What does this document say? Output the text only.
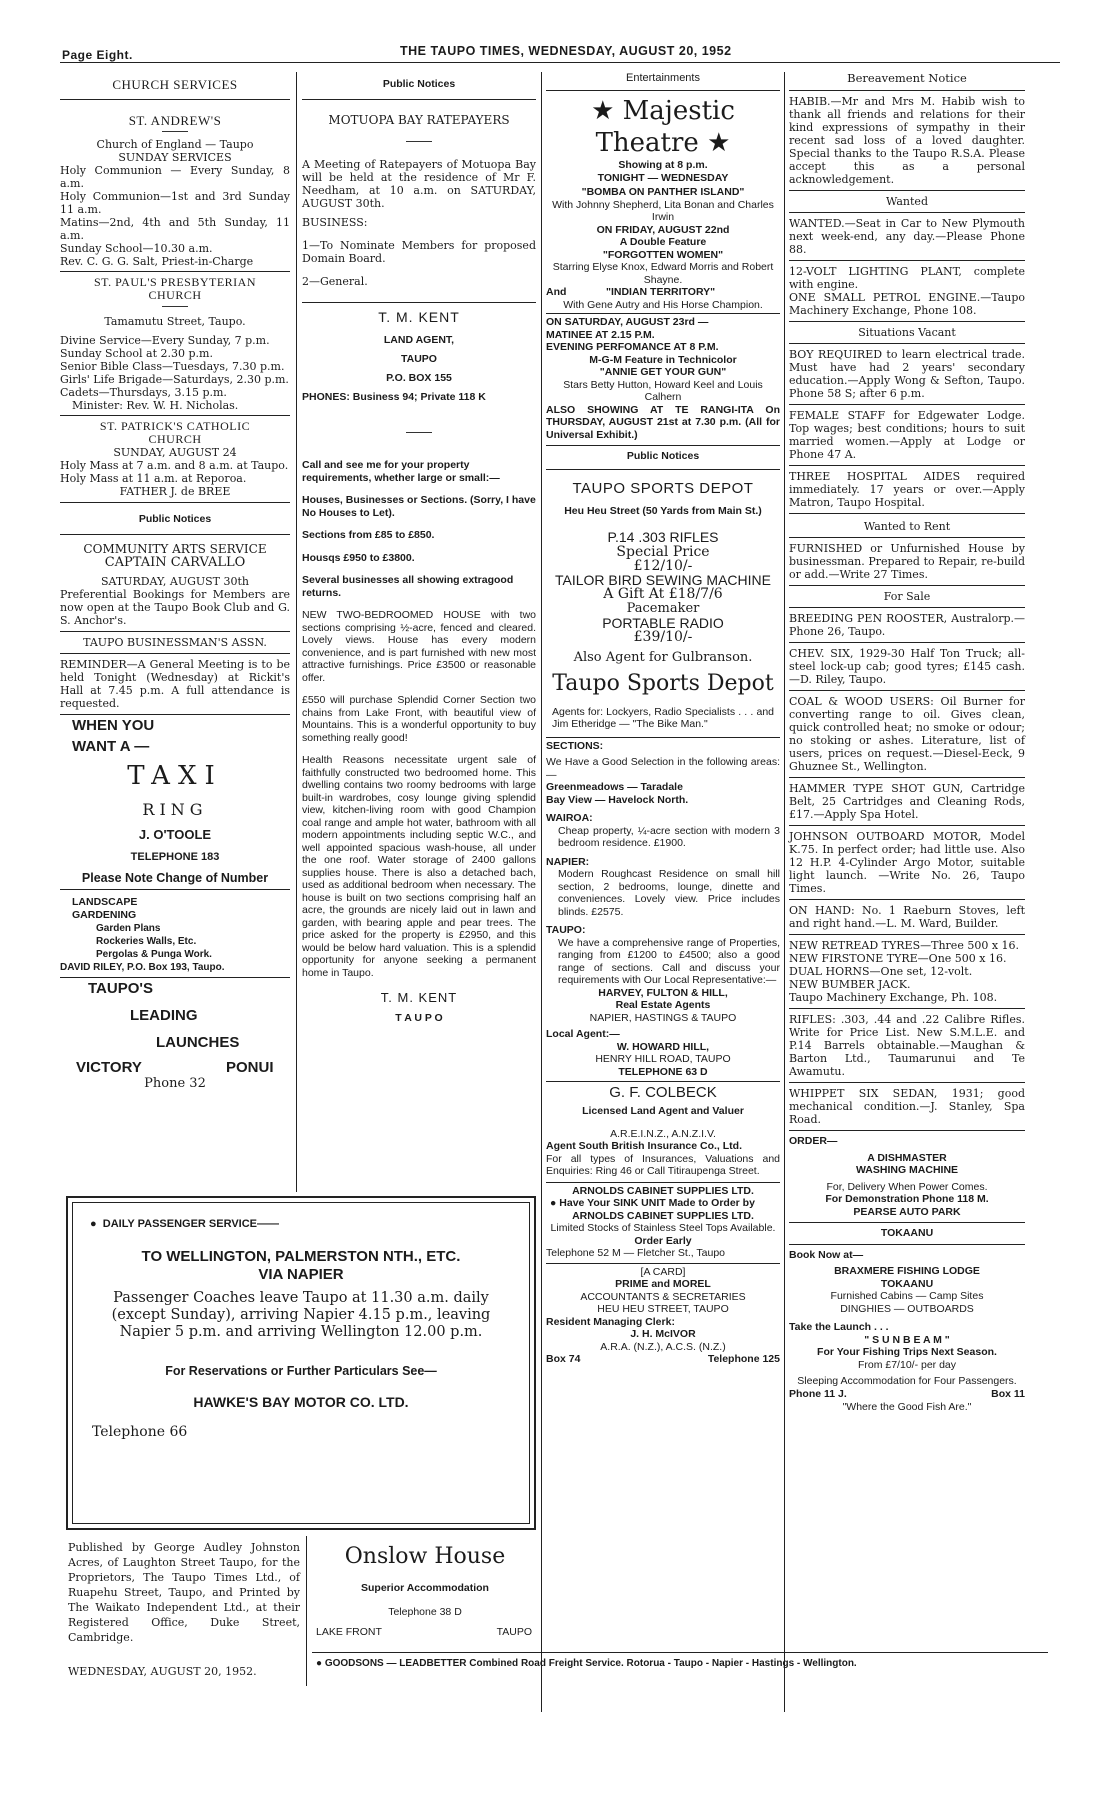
Page Eight.	THE TAUPO TIMES, WEDNESDAY, AUGUST 20, 1952
CHURCH SERVICES
ST. ANDREW'S
Church of England — Taupo
SUNDAY SERVICES
Holy Communion — Every Sunday, 8 a.m.
Holy Communion—1st and 3rd Sunday 11 a.m.
Matins—2nd, 4th and 5th Sunday, 11 a.m.
Sunday School—10.30 a.m.
Rev. C. G. G. Salt, Priest-in-Charge
ST. PAUL'S PRESBYTERIAN CHURCH
Tamamutu Street, Taupo.
Divine Service—Every Sunday, 7 p.m.
Sunday School at 2.30 p.m.
Senior Bible Class—Tuesdays, 7.30 p.m.
Girls' Life Brigade—Saturdays, 2.30 p.m.
Cadets—Thursdays, 3.15 p.m.
Minister: Rev. W. H. Nicholas.
ST. PATRICK'S CATHOLIC CHURCH
SUNDAY, AUGUST 24
Holy Mass at 7 a.m. and 8 a.m. at Taupo.
Holy Mass at 11 a.m. at Reporoa.
FATHER J. de BREE
Public Notices
COMMUNITY ARTS SERVICE
CAPTAIN CARVALLO
SATURDAY, AUGUST 30th
Preferential Bookings for Members are now open at the Taupo Book Club and G. S. Anchor's.
TAUPO BUSINESSMAN'S ASSN.
REMINDER—A General Meeting is to be held Tonight (Wednesday) at Rickit's Hall at 7.45 p.m. A full attendance is requested.
WHEN YOU
WANT A —
TAXI
RING
J. O'TOOLE
TELEPHONE 183
Please Note Change of Number
LANDSCAPE
GARDENING
Garden Plans
Rockeries Walls, Etc.
Pergolas & Punga Work.
DAVID RILEY, P.O. Box 193, Taupo.
TAUPO'S
LEADING
LAUNCHES
VICTORY	PONUI
Phone 32
Public Notices
MOTUOPA BAY RATEPAYERS
A Meeting of Ratepayers of Motuopa Bay will be held at the residence of Mr F. Needham, at 10 a.m. on SATURDAY, AUGUST 30th.
BUSINESS:
1—To Nominate Members for proposed Domain Board.
2—General.
T. M. KENT
LAND AGENT,
TAUPO
P.O. BOX 155
PHONES: Business 94; Private 118 K
Call and see me for your property requirements, whether large or small:—
Houses, Businesses or Sections. (Sorry, I have No Houses to Let).
Sections from £85 to £850.
Housqs £950 to £3800.
Several businesses all showing extragood returns.
NEW TWO-BEDROOMED HOUSE with two sections comprising ½-acre, fenced and cleared. Lovely views. House has every modern convenience, and is part furnished with new most attractive furnishings. Price £3500 or reasonable offer.
£550 will purchase Splendid Corner Section two chains from Lake Front, with beautiful view of Mountains. This is a wonderful opportunity to buy something really good!
Health Reasons necessitate urgent sale of faithfully constructed two bedroomed home. This dwelling contains two roomy bedrooms with large built-in wardrobes, cosy lounge giving splendid view, kitchen-living room with good Champion coal range and ample hot water, bathroom with all modern appointments including septic W.C., and well appointed spacious wash-house, all under the one roof. Water storage of 2400 gallons supplies house. There is also a detached bach, used as additional bedroom when necessary. The house is built on two sections comprising half an acre, the grounds are nicely laid out in lawn and garden, with bearing apple and pear trees. The price asked for the property is £2950, and this would be below hard valuation. This is a splendid opportunity for anyone seeking a permanent home in Taupo.
T. M. KENT
T A U P O
Entertainments
★ Majestic Theatre ★
Showing at 8 p.m.
TONIGHT — WEDNESDAY
"BOMBA ON PANTHER ISLAND"
With Johnny Shepherd, Lita Bonan and Charles Irwin
ON FRIDAY, AUGUST 22nd
A Double Feature
"FORGOTTEN WOMEN"
Starring Elyse Knox, Edward Morris and Robert Shayne.
And	"INDIAN TERRITORY"
With Gene Autry and His Horse Champion.
ON SATURDAY, AUGUST 23rd —
MATINEE AT 2.15 P.M.
EVENING PERFOMANCE AT 8 P.M.
M-G-M Feature in Technicolor
"ANNIE GET YOUR GUN"
Stars Betty Hutton, Howard Keel and Louis Calhern
ALSO SHOWING AT TE RANGI-ITA On THURSDAY, AUGUST 21st at 7.30 p.m. (All for Universal Exhibit.)
Public Notices
TAUPO SPORTS DEPOT
Heu Heu Street (50 Yards from Main St.)
P.14 .303 RIFLES
Special Price
£12/10/-
TAILOR BIRD SEWING MACHINE
A Gift At £18/7/6
Pacemaker
PORTABLE RADIO
£39/10/-
Also Agent for Gulbranson.
Taupo Sports Depot
Agents for: Lockyers, Radio Specialists . . . and Jim Etheridge — "The Bike Man."
SECTIONS:
We Have a Good Selection in the following areas: —
Greenmeadows — Taradale
Bay View — Havelock North.
WAIROA:
Cheap property, ¼-acre section with modern 3 bedroom residence. £1900.
NAPIER:
Modern Roughcast Residence on small hill section, 2 bedrooms, lounge, dinette and conveniences. Lovely view. Price includes blinds. £2575.
TAUPO:
We have a comprehensive range of Properties, ranging from £1200 to £4500; also a good range of sections. Call and discuss your requirements with Our Local Representative:—
HARVEY, FULTON & HILL,
Real Estate Agents
NAPIER, HASTINGS & TAUPO
Local Agent:—
W. HOWARD HILL,
HENRY HILL ROAD, TAUPO
TELEPHONE 63 D
G. F. COLBECK
Licensed Land Agent and Valuer
A.R.E.I.N.Z., A.N.Z.I.V.
Agent South British Insurance Co., Ltd.
For all types of Insurances, Valuations and Enquiries: Ring 46 or Call Titiraupenga Street.
ARNOLDS CABINET SUPPLIES LTD.
● Have Your SINK UNIT Made to Order by
ARNOLDS CABINET SUPPLIES LTD.
Limited Stocks of Stainless Steel Tops Available.
Order Early
Telephone 52 M — Fletcher St., Taupo
[A CARD]
PRIME and MOREL
ACCOUNTANTS & SECRETARIES
HEU HEU STREET, TAUPO
Resident Managing Clerk:
J. H. McIVOR
A.R.A. (N.Z.), A.C.S. (N.Z.)
Box 74	Telephone 125
Bereavement Notice
HABIB.—Mr and Mrs M. Habib wish to thank all friends and relations for their kind expressions of sympathy in their recent sad loss of a loved daughter. Special thanks to the Taupo R.S.A. Please accept this as a personal acknowledgement.
Wanted
WANTED.—Seat in Car to New Plymouth next week-end, any day.—Please Phone 88.
12-VOLT LIGHTING PLANT, complete with engine.
ONE SMALL PETROL ENGINE.—Taupo Machinery Exchange, Phone 108.
Situations Vacant
BOY REQUIRED to learn electrical trade. Must have had 2 years' secondary education.—Apply Wong & Sefton, Taupo. Phone 58 S; after 6 p.m.
FEMALE STAFF for Edgewater Lodge. Top wages; best conditions; hours to suit married women.—Apply at Lodge or Phone 47 A.
THREE HOSPITAL AIDES required immediately. 17 years or over.—Apply Matron, Taupo Hospital.
Wanted to Rent
FURNISHED or Unfurnished House by businessman. Prepared to Repair, re-build or add.—Write 27 Times.
For Sale
BREEDING PEN ROOSTER, Australorp.—Phone 26, Taupo.
CHEV. SIX, 1929-30 Half Ton Truck; all-steel lock-up cab; good tyres; £145 cash.—D. Riley, Taupo.
COAL & WOOD USERS: Oil Burner for converting range to oil. Gives clean, quick controlled heat; no smoke or odour; no stoking or ashes. Literature, list of users, prices on request.—Diesel-Eeck, 9 Ghuznee St., Wellington.
HAMMER TYPE SHOT GUN, Cartridge Belt, 25 Cartridges and Cleaning Rods, £17.—Apply Spa Hotel.
JOHNSON OUTBOARD MOTOR, Model K.75. In perfect order; had little use. Also 12 H.P. 4-Cylinder Argo Motor, suitable light launch. —Write No. 26, Taupo Times.
ON HAND: No. 1 Raeburn Stoves, left and right hand.—L. M. Ward, Builder.
NEW RETREAD TYRES—Three 500 x 16.
NEW FIRSTONE TYRE—One 500 x 16.
DUAL HORNS—One set, 12-volt.
NEW BUMBER JACK.
Taupo Machinery Exchange, Ph. 108.
RIFLES: .303, .44 and .22 Calibre Rifles. Write for Price List. New S.M.L.E. and P.14 Barrels obtainable.—Maughan & Barton Ltd., Taumarunui and Te Awamutu.
WHIPPET SIX SEDAN, 1931; good mechanical condition.—J. Stanley, Spa Road.
ORDER—
A DISHMASTER
WASHING MACHINE
For, Delivery When Power Comes.
For Demonstration Phone 118 M.
PEARSE AUTO PARK
TOKAANU
Book Now at—
BRAXMERE FISHING LODGE
TOKAANU
Furnished Cabins — Camp Sites
DINGHIES — OUTBOARDS
Take the Launch . . .
" S U N B E A M "
For Your Fishing Trips Next Season.
From £7/10/- per day
Sleeping Accommodation for Four Passengers.
Phone 11 J.	Box 11
"Where the Good Fish Are."
●  DAILY PASSENGER SERVICE——
TO WELLINGTON, PALMERSTON NTH., ETC.
VIA NAPIER
Passenger Coaches leave Taupo at 11.30 a.m. daily (except Sunday), arriving Napier 4.15 p.m., leaving Napier 5 p.m. and arriving Wellington 12.00 p.m.
For Reservations or Further Particulars See—
HAWKE'S BAY MOTOR CO. LTD.
Telephone 66
Published by George Audley Johnston Acres, of Laughton Street Taupo, for the Proprietors, The Taupo Times Ltd., of Ruapehu Street, Taupo, and Printed by The Waikato Independent Ltd., at their Registered Office, Duke Street, Cambridge.
WEDNESDAY, AUGUST 20, 1952.
Onslow House
Superior Accommodation
Telephone 38 D
LAKE FRONT	TAUPO
● GOODSONS — LEADBETTER Combined Road Freight Service. Rotorua - Taupo - Napier - Hastings - Wellington.
